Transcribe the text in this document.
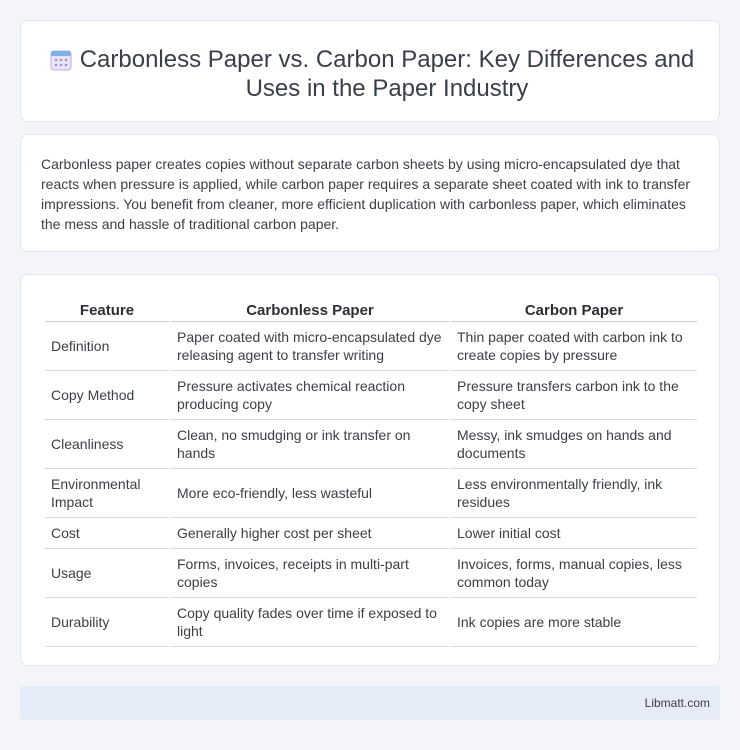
Carbonless Paper vs. Carbon Paper: Key Differences and Uses in the Paper Industry

Carbonless paper creates copies without separate carbon sheets by using micro-encapsulated dye that reacts when pressure is applied, while carbon paper requires a separate sheet coated with ink to transfer impressions. You benefit from cleaner, more efficient duplication with carbonless paper, which eliminates the mess and hassle of traditional carbon paper.

Feature	Carbonless Paper	Carbon Paper
Definition	Paper coated with micro-encapsulated dye releasing agent to transfer writing	Thin paper coated with carbon ink to create copies by pressure
Copy Method	Pressure activates chemical reaction producing copy	Pressure transfers carbon ink to the copy sheet
Cleanliness	Clean, no smudging or ink transfer on hands	Messy, ink smudges on hands and documents
Environmental Impact	More eco-friendly, less wasteful	Less environmentally friendly, ink residues
Cost	Generally higher cost per sheet	Lower initial cost
Usage	Forms, invoices, receipts in multi-part copies	Invoices, forms, manual copies, less common today
Durability	Copy quality fades over time if exposed to light	Ink copies are more stable
Libmatt.com
